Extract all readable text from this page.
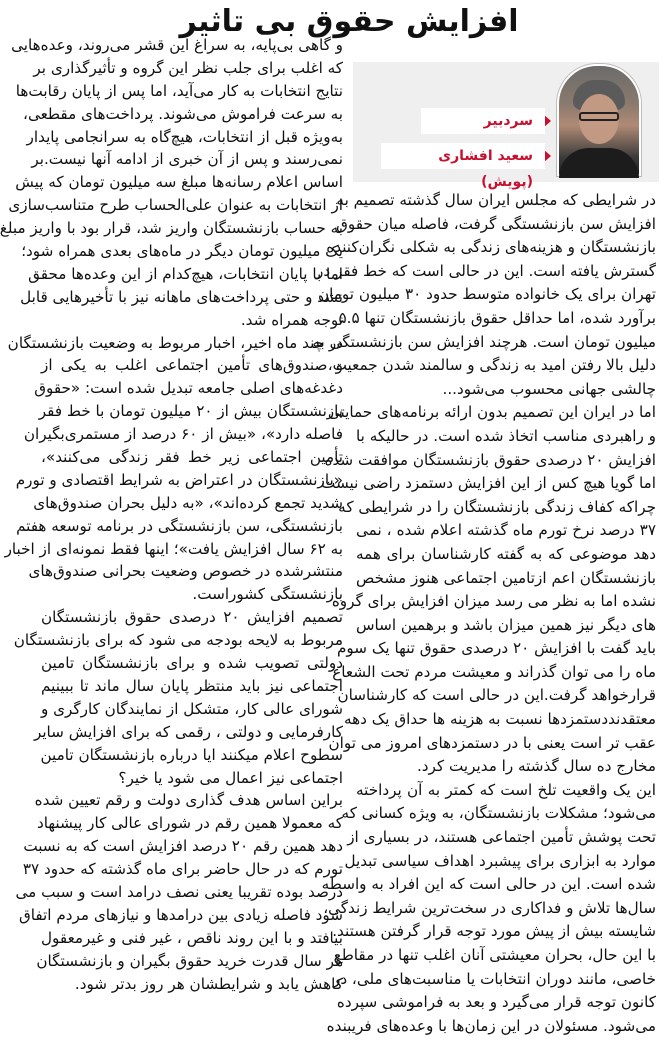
افزایش حقوق بی تاثیر
سردبیر
سعید افشاری (پویش)
در شرایطی که مجلس ایران سال گذشته تصمیم به
افزایش سن بازنشستگی گرفت، فاصله میان حقوق
بازنشستگان و هزینه‌های زندگی به شکلی نگران‌کننده
گسترش یافته است. این در حالی است که خط فقر در
تهران برای یک خانواده متوسط حدود ۳۰ میلیون تومان
برآورد شده، اما حداقل حقوق بازنشستگان تنها ۵.۵
میلیون تومان است. هرچند افزایش سن بازنشستگی به
دلیل بالا رفتن امید به زندگی و سالمند شدن جمعیت،
چالشی جهانی محسوب می‌شود...
اما در ایران این تصمیم بدون ارائه برنامه‌های حمایتی
و راهبردی مناسب اتخاذ شده است. در حالیکه با
افزایش ۲۰ درصدی حقوق بازنشستگان موافقت شده
اما گویا هیچ کس از این افزایش دستمزد راضی نیست
چراکه کفاف زندگی بازنشستگان را در شرایطی که
۳۷ درصد نرخ تورم ماه گذشته اعلام شده ، نمی
دهد موضوعی که به گفته کارشناسان برای همه
بازنشستگان اعم ازتامین اجتماعی هنوز مشخص
نشده اما به نظر می رسد میزان افزایش برای گروه
های دیگر نیز همین میزان باشد و برهمین اساس
باید گفت با افزایش ۲۰ درصدی حقوق تنها یک سوم
ماه را می توان گذراند و معیشت مردم تحت الشعاع
قرارخواهد گرفت.این در حالی است که کارشناسان
معتقدنددستمزدها نسبت به هزینه ها حداق یک دهه
عقب تر است یعنی با در دستمزدهای امروز می توان
مخارج ده سال گذشته را مدیریت کرد.
این یک واقعیت تلخ است که کمتر به آن پرداخته
می‌شود؛ مشکلات بازنشستگان، به ویژه کسانی که
تحت پوشش تأمین اجتماعی هستند، در بسیاری از
موارد به ابزاری برای پیشبرد اهداف سیاسی تبدیل
شده است. این در حالی است که این افراد به واسطه
سال‌ها تلاش و فداکاری در سخت‌ترین شرایط زندگی،
شایسته بیش از پیش مورد توجه قرار گرفتن هستند.
با این حال، بحران معیشتی آنان اغلب تنها در مقاطع
خاصی، مانند دوران انتخابات یا مناسبت‌های ملی، در
کانون توجه قرار می‌گیرد و بعد به فراموشی سپرده
می‌شود. مسئولان در این زمان‌ها با وعده‌های فریبنده
و گاهی بی‌پایه، به سراغ این قشر می‌روند، وعده‌هایی
که اغلب برای جلب نظر این گروه و تأثیرگذاری بر
نتایج انتخابات به کار می‌آید، اما پس از پایان رقابت‌ها
به سرعت فراموش می‌شوند. پرداخت‌های مقطعی،
به‌ویژه قبل از انتخابات، هیچ‌گاه به سرانجامی پایدار
نمی‌رسند و پس از آن خبری از ادامه آنها نیست.بر
اساس اعلام رسانه‌ها مبلغ سه میلیون تومان که پیش
از انتخابات به عنوان علی‌الحساب طرح متناسب‌سازی
به حساب بازنشستگان واریز شد، قرار بود با واریز مبلغ
یک میلیون تومان دیگر در ماه‌های بعدی همراه شود؛
اما با پایان انتخابات، هیچ‌کدام از این وعده‌ها محقق
نشد و حتی پرداخت‌های ماهانه نیز با تأخیرهایی قابل
توجه همراه شد.
در چند ماه اخیر، اخبار مربوط به وضعیت بازنشستگان
و صندوق‌های تأمین اجتماعی اغلب به یکی از
دغدغه‌های اصلی جامعه تبدیل شده است: «حقوق
بازنشستگان بیش از ۲۰ میلیون تومان با خط فقر
فاصله دارد»، «بیش از ۶۰ درصد از مستمری‌بگیران
تأمین اجتماعی زیر خط فقر زندگی می‌کنند»،
«بازنشستگان در اعتراض به شرایط اقتصادی و تورم
شدید تجمع کرده‌اند»، «به دلیل بحران صندوق‌های
بازنشستگی، سن بازنشستگی در برنامه توسعه هفتم
به ۶۲ سال افزایش یافت»؛ اینها فقط نمونه‌ای از اخبار
منتشرشده در خصوص وضعیت بحرانی صندوق‌های
بازنشستگی کشوراست.
تصمیم افزایش ۲۰ درصدی حقوق بازنشستگان
مربوط به لایحه بودجه می شود که برای بازنشستگان
دولتی تصویب شده و برای بازنشستگان تامین
اجتماعی نیز باید منتظر پایان سال ماند تا ببینیم
شورای عالی کار، متشکل از نمایندگان کارگری و
کارفرمایی و دولتی ، رقمی که برای افزایش سایر
سطوح اعلام میکنند ایا درباره بازنشستگان تامین
اجتماعی نیز اعمال می شود یا خیر؟
براین اساس هدف گذاری دولت و رقم تعیین شده
که معمولا همین رقم در شورای عالی کار پیشنهاد
دهد همین رقم ۲۰ درصد افزایش است که به نسبت
تورم که در حال حاضر برای ماه گذشته که حدود ۳۷
درصد بوده تقریبا یعنی نصف درامد است و سبب می
شود فاصله زیادی بین درامدها و نیازهای مردم اتفاق
بیافتد و با این روند ناقص ، غیر فنی و غیرمعقول
هر سال قدرت خرید حقوق بگیران و بازنشستگان
کاهش یابد و شرایطشان هر روز بدتر شود.
